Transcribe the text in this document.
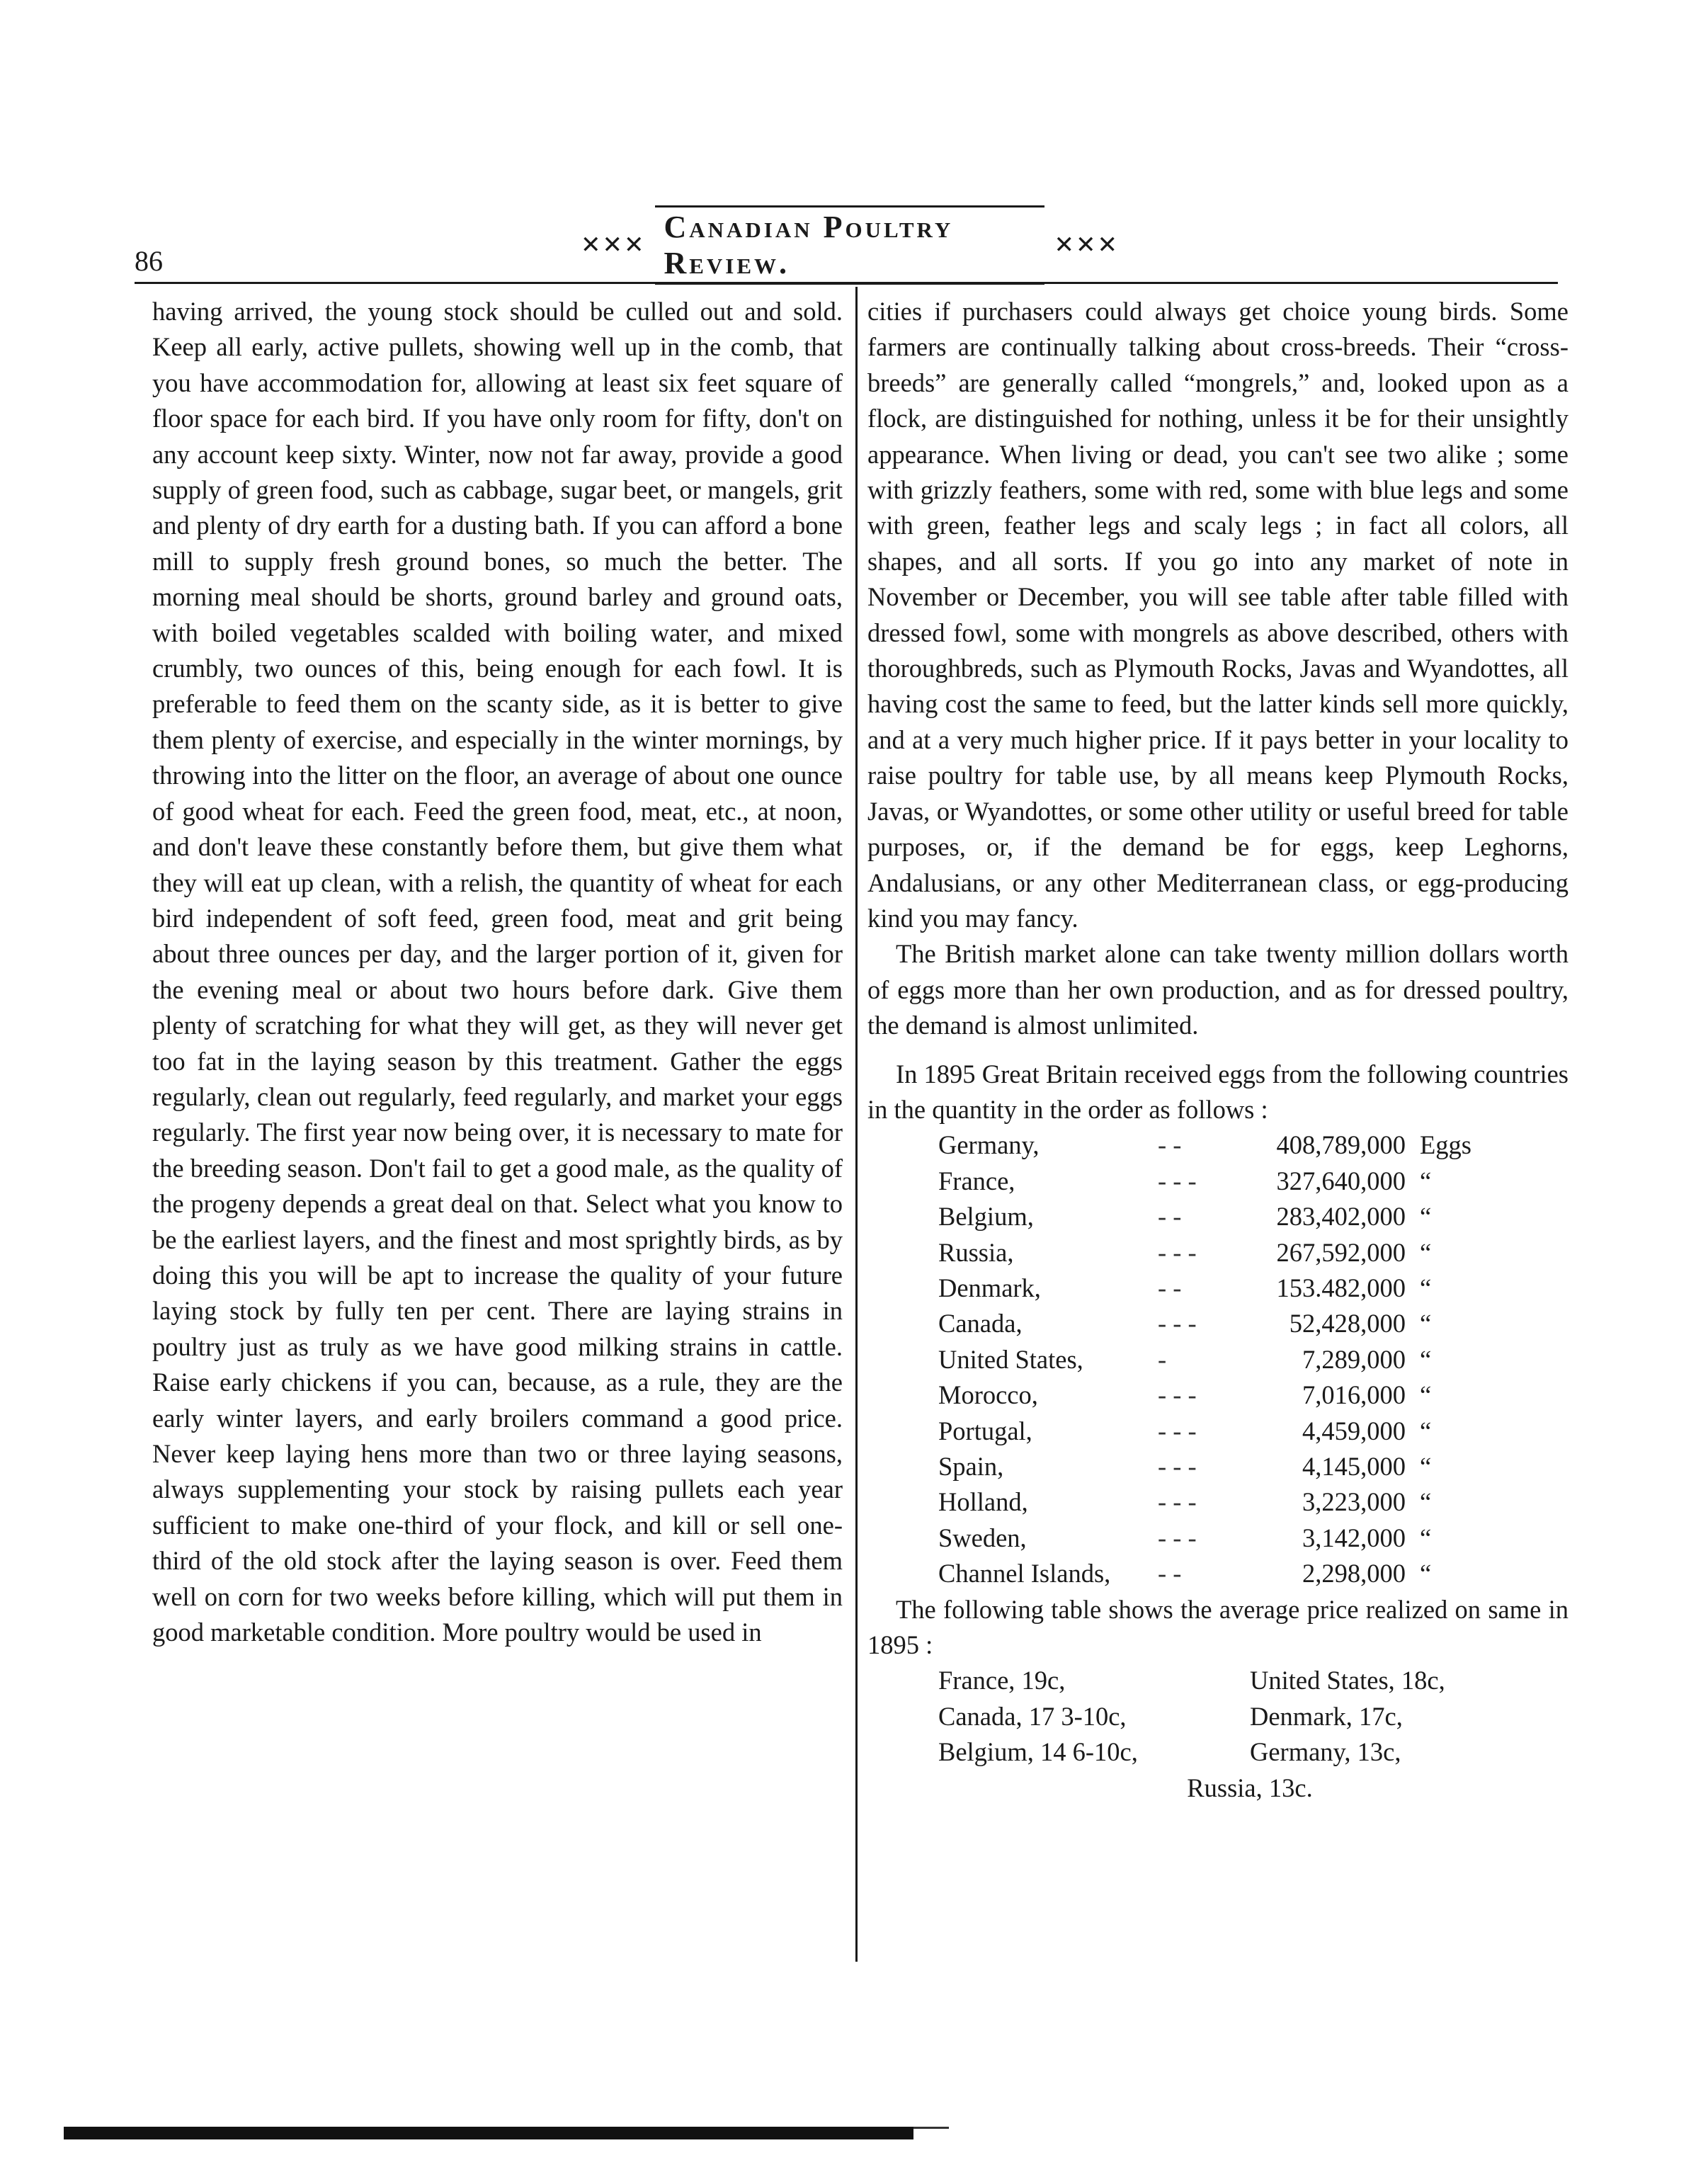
86	✕✕✕
Canadian Poultry Review.
✕✕✕

having arrived, the young stock should be culled out and sold. Keep all early, active pullets, showing well up in the comb, that you have accommodation for, allowing at least six feet square of floor space for each bird. If you have only room for fifty, don't on any account keep sixty. Winter, now not far away, provide a good supply of green food, such as cabbage, sugar beet, or mangels, grit and plenty of dry earth for a dusting bath. If you can afford a bone mill to supply fresh ground bones, so much the better. The morning meal should be shorts, ground barley and ground oats, with boiled vegetables scalded with boiling water, and mixed crumbly, two ounces of this, being enough for each fowl. It is preferable to feed them on the scanty side, as it is better to give them plenty of exercise, and especially in the winter mornings, by throwing into the litter on the floor, an average of about one ounce of good wheat for each. Feed the green food, meat, etc., at noon, and don't leave these constantly before them, but give them what they will eat up clean, with a relish, the quantity of wheat for each bird independent of soft feed, green food, meat and grit being about three ounces per day, and the larger portion of it, given for the evening meal or about two hours before dark. Give them plenty of scratching for what they will get, as they will never get too fat in the laying season by this treatment. Gather the eggs regularly, clean out regularly, feed regularly, and market your eggs regularly. The first year now being over, it is necessary to mate for the breeding season. Don't fail to get a good male, as the quality of the progeny depends a great deal on that. Select what you know to be the earliest layers, and the finest and most sprightly birds, as by doing this you will be apt to increase the quality of your future laying stock by fully ten per cent. There are laying strains in poultry just as truly as we have good milking strains in cattle. Raise early chickens if you can, because, as a rule, they are the early winter layers, and early broilers command a good price. Never keep laying hens more than two or three laying seasons, always supplementing your stock by raising pullets each year sufficient to make one-third of your flock, and kill or sell one-third of the old stock after the laying season is over. Feed them well on corn for two weeks before killing, which will put them in good marketable condition. More poultry would be used in

cities if purchasers could always get choice young birds. Some farmers are continually talking about cross-breeds. Their “cross-breeds” are generally called “mongrels,” and, looked upon as a flock, are distinguished for nothing, unless it be for their unsightly appearance. When living or dead, you can't see two alike ; some with grizzly feathers, some with red, some with blue legs and some with green, feather legs and scaly legs ; in fact all colors, all shapes, and all sorts. If you go into any market of note in November or December, you will see table after table filled with dressed fowl, some with mongrels as above described, others with thoroughbreds, such as Plymouth Rocks, Javas and Wyandottes, all having cost the same to feed, but the latter kinds sell more quickly, and at a very much higher price. If it pays better in your locality to raise poultry for table use, by all means keep Plymouth Rocks, Javas, or Wyandottes, or some other utility or useful breed for table purposes, or, if the demand be for eggs, keep Leghorns, Andalusians, or any other Mediterranean class, or egg-producing kind you may fancy.

The British market alone can take twenty million dollars worth of eggs more than her own production, and as for dressed poultry, the demand is almost unlimited.

In 1895 Great Britain received eggs from the following countries in the quantity in the order as follows :

Germany,	- -	408,789,000	Eggs
France,	- - -	327,640,000	“
Belgium,	- -	283,402,000	“
Russia,	- - -	267,592,000	“
Denmark,	- -	153.482,000	“
Canada,	- - -	52,428,000	“
United States,	-	7,289,000	“
Morocco,	- - -	7,016,000	“
Portugal,	- - -	4,459,000	“
Spain,	- - -	4,145,000	“
Holland,	- - -	3,223,000	“
Sweden,	- - -	3,142,000	“
Channel Islands,	- -	2,298,000	“

The following table shows the average price realized on same in 1895 :

France, 19c,	United States, 18c,
Canada, 17 3-10c,	Denmark, 17c,
Belgium, 14 6-10c,	Germany, 13c,
Russia, 13c.
